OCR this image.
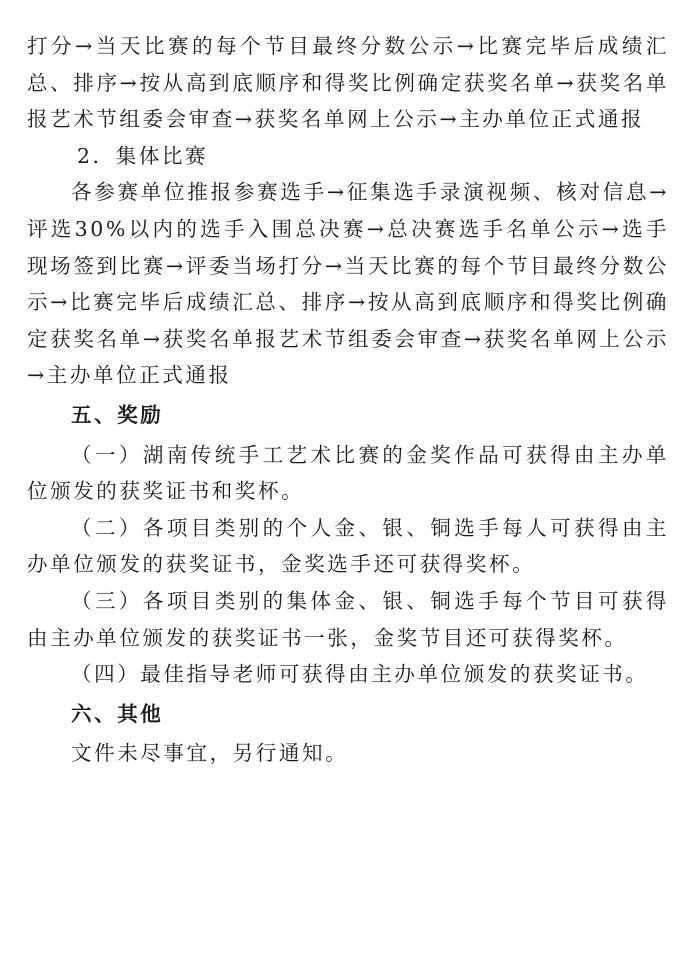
打分→当天比赛的每个节目最终分数公示→比赛完毕后成绩汇总、排序→按从高到底顺序和得奖比例确定获奖名单→获奖名单报艺术节组委会审查→获奖名单网上公示→主办单位正式通报

2．集体比赛

各参赛单位推报参赛选手→征集选手录演视频、核对信息→评选30%以内的选手入围总决赛→总决赛选手名单公示→选手现场签到比赛→评委当场打分→当天比赛的每个节目最终分数公示→比赛完毕后成绩汇总、排序→按从高到底顺序和得奖比例确定获奖名单→获奖名单报艺术节组委会审查→获奖名单网上公示→主办单位正式通报

五、奖励

（一）湖南传统手工艺术比赛的金奖作品可获得由主办单位颁发的获奖证书和奖杯。

（二）各项目类别的个人金、银、铜选手每人可获得由主办单位颁发的获奖证书，金奖选手还可获得奖杯。

（三）各项目类别的集体金、银、铜选手每个节目可获得由主办单位颁发的获奖证书一张，金奖节目还可获得奖杯。

（四）最佳指导老师可获得由主办单位颁发的获奖证书。

六、其他

文件未尽事宜，另行通知。
